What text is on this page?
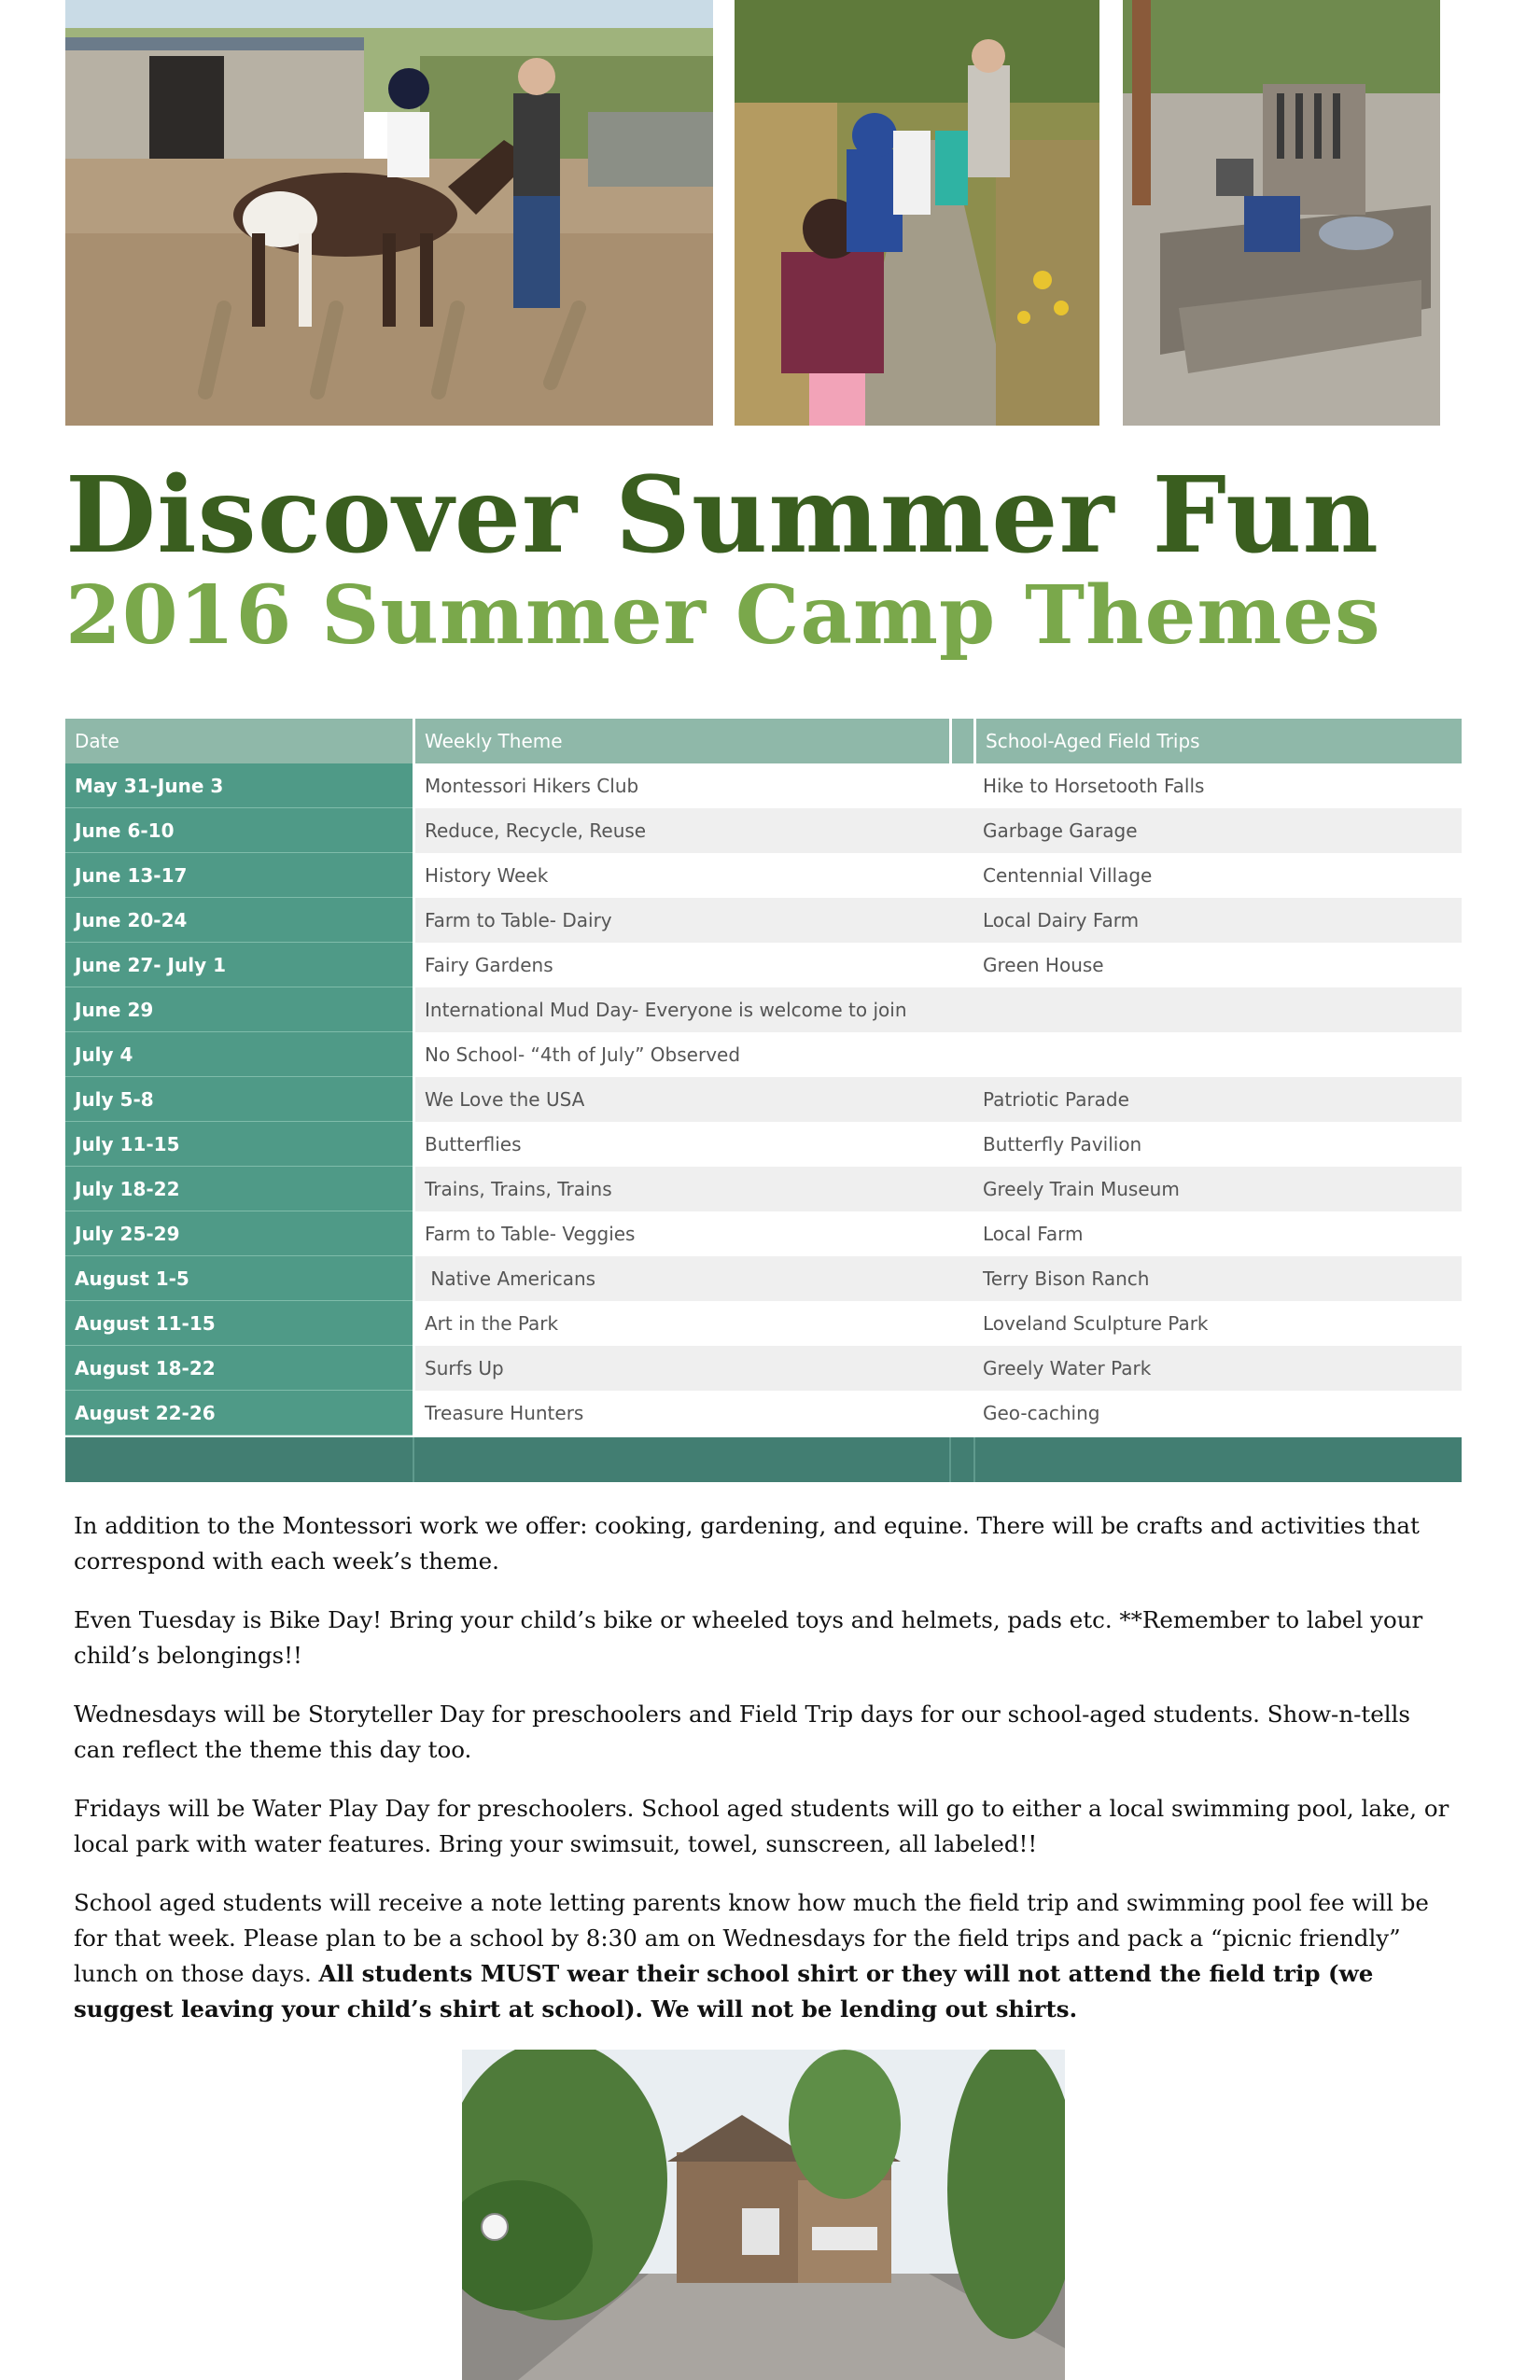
Discover Summer Fun
2016 Summer Camp Themes
Date	Weekly Theme	School-Aged Field Trips
May 31-June 3	Montessori Hikers Club	Hike to Horsetooth Falls
June 6-10	Reduce, Recycle, Reuse	Garbage Garage
June 13-17	History Week	Centennial Village
June 20-24	Farm to Table- Dairy	Local Dairy Farm
June 27- July 1	Fairy Gardens	Green House
June 29	International Mud Day- Everyone is welcome to join
July 4	No School- “4th of July” Observed
July 5-8	We Love the USA	Patriotic Parade
July 11-15	Butterflies	Butterfly Pavilion
July 18-22	Trains, Trains, Trains	Greely Train Museum
July 25-29	Farm to Table- Veggies	Local Farm
August 1-5	Native Americans	Terry Bison Ranch
August 11-15	Art in the Park	Loveland Sculpture Park
August 18-22	Surfs Up	Greely Water Park
August 22-26	Treasure Hunters	Geo-caching

In addition to the Montessori work we offer: cooking, gardening, and equine. There will be crafts and activities that correspond with each week’s theme.

Even Tuesday is Bike Day! Bring your child’s bike or wheeled toys and helmets, pads etc. **Remember to label your child’s belongings!!

Wednesdays will be Storyteller Day for preschoolers and Field Trip days for our school-aged students. Show-n-tells can reflect the theme this day too.

Fridays will be Water Play Day for preschoolers. School aged students will go to either a local swimming pool, lake, or local park with water features. Bring your swimsuit, towel, sunscreen, all labeled!!

School aged students will receive a note letting parents know how much the field trip and swimming pool fee will be for that week. Please plan to be a school by 8:30 am on Wednesdays for the field trips and pack a “picnic friendly” lunch on those days. All students MUST wear their school shirt or they will not attend the field trip (we suggest leaving your child’s shirt at school). We will not be lending out shirts.
